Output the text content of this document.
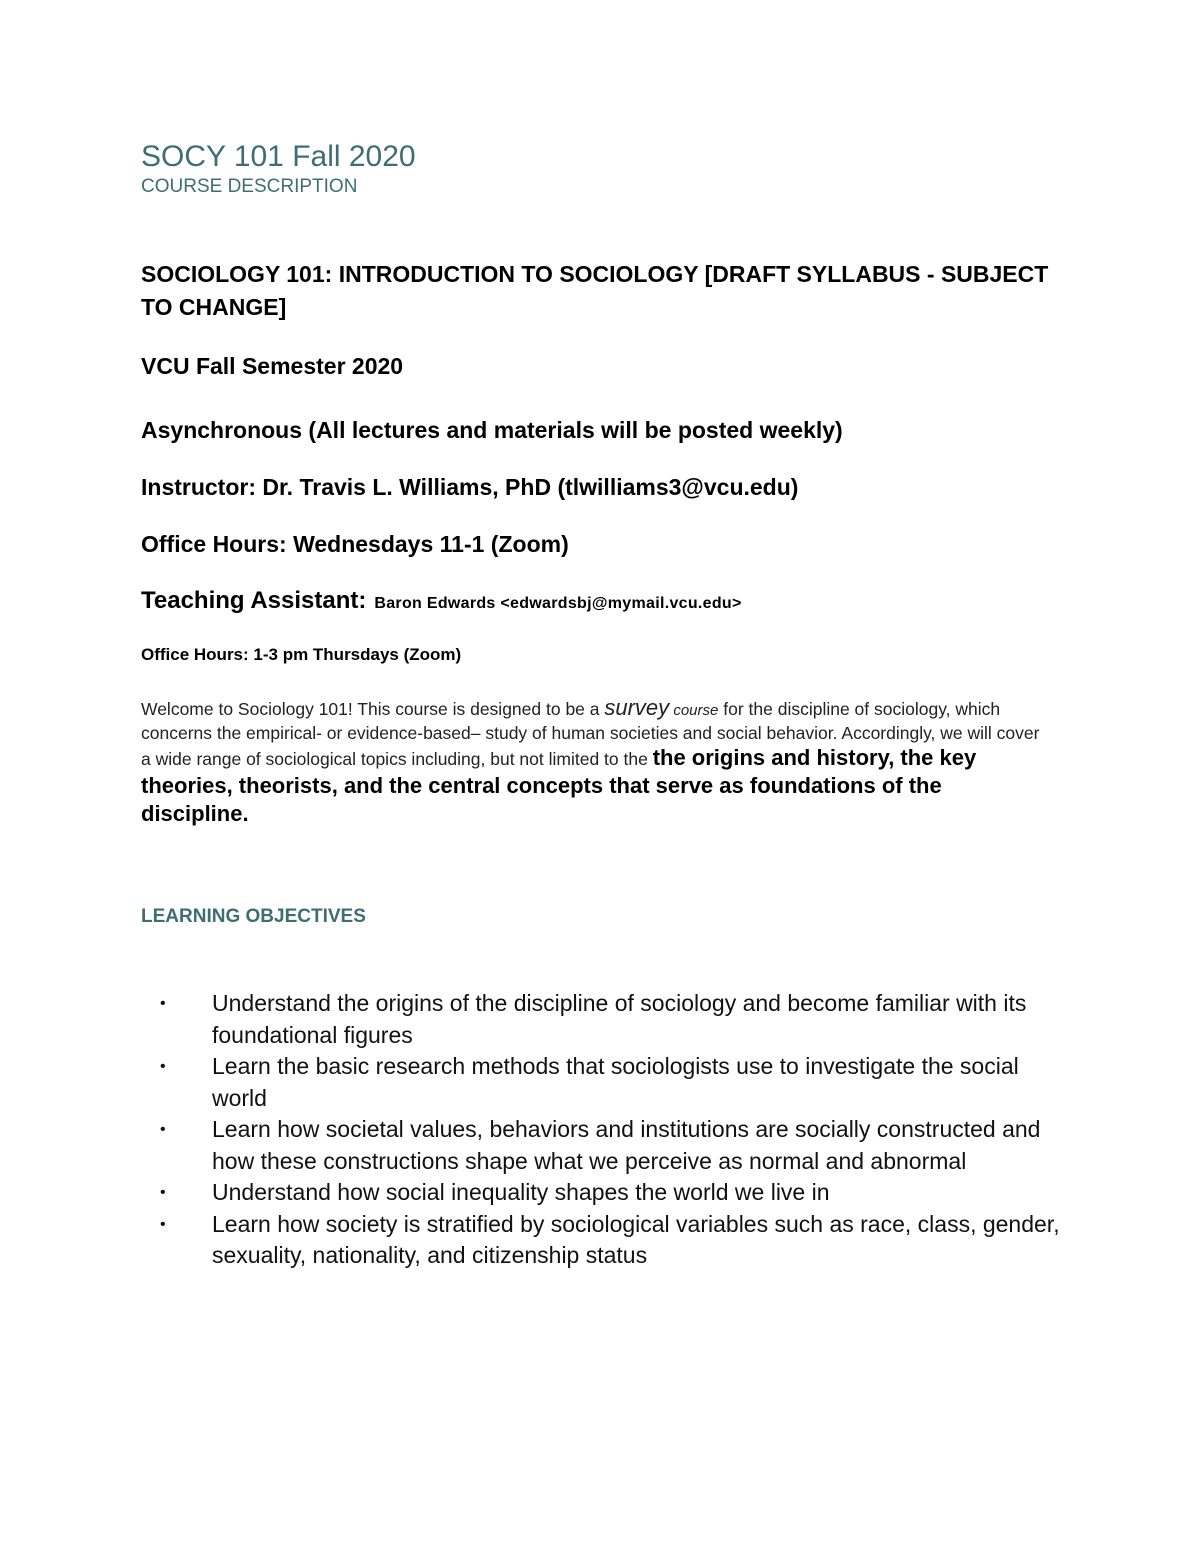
SOCY 101 Fall 2020
COURSE DESCRIPTION
SOCIOLOGY 101: INTRODUCTION TO SOCIOLOGY [DRAFT SYLLABUS - SUBJECT TO CHANGE]
VCU Fall Semester 2020
Asynchronous (All lectures and materials will be posted weekly)
Instructor: Dr. Travis L. Williams, PhD (tlwilliams3@vcu.edu)
Office Hours: Wednesdays 11-1 (Zoom)
Teaching Assistant: Baron Edwards <edwardsbj@mymail.vcu.edu>
Office Hours: 1-3 pm Thursdays (Zoom)
Welcome to Sociology 101! This course is designed to be a survey course for the discipline of sociology, which concerns the empirical- or evidence-based– study of human societies and social behavior. Accordingly, we will cover a wide range of sociological topics including, but not limited to the the origins and history, the key theories, theorists, and the central concepts that serve as foundations of the discipline.
LEARNING OBJECTIVES
• Understand the origins of the discipline of sociology and become familiar with its foundational figures
• Learn the basic research methods that sociologists use to investigate the social world
• Learn how societal values, behaviors and institutions are socially constructed and how these constructions shape what we perceive as normal and abnormal
• Understand how social inequality shapes the world we live in
• Learn how society is stratified by sociological variables such as race, class, gender, sexuality, nationality, and citizenship status
